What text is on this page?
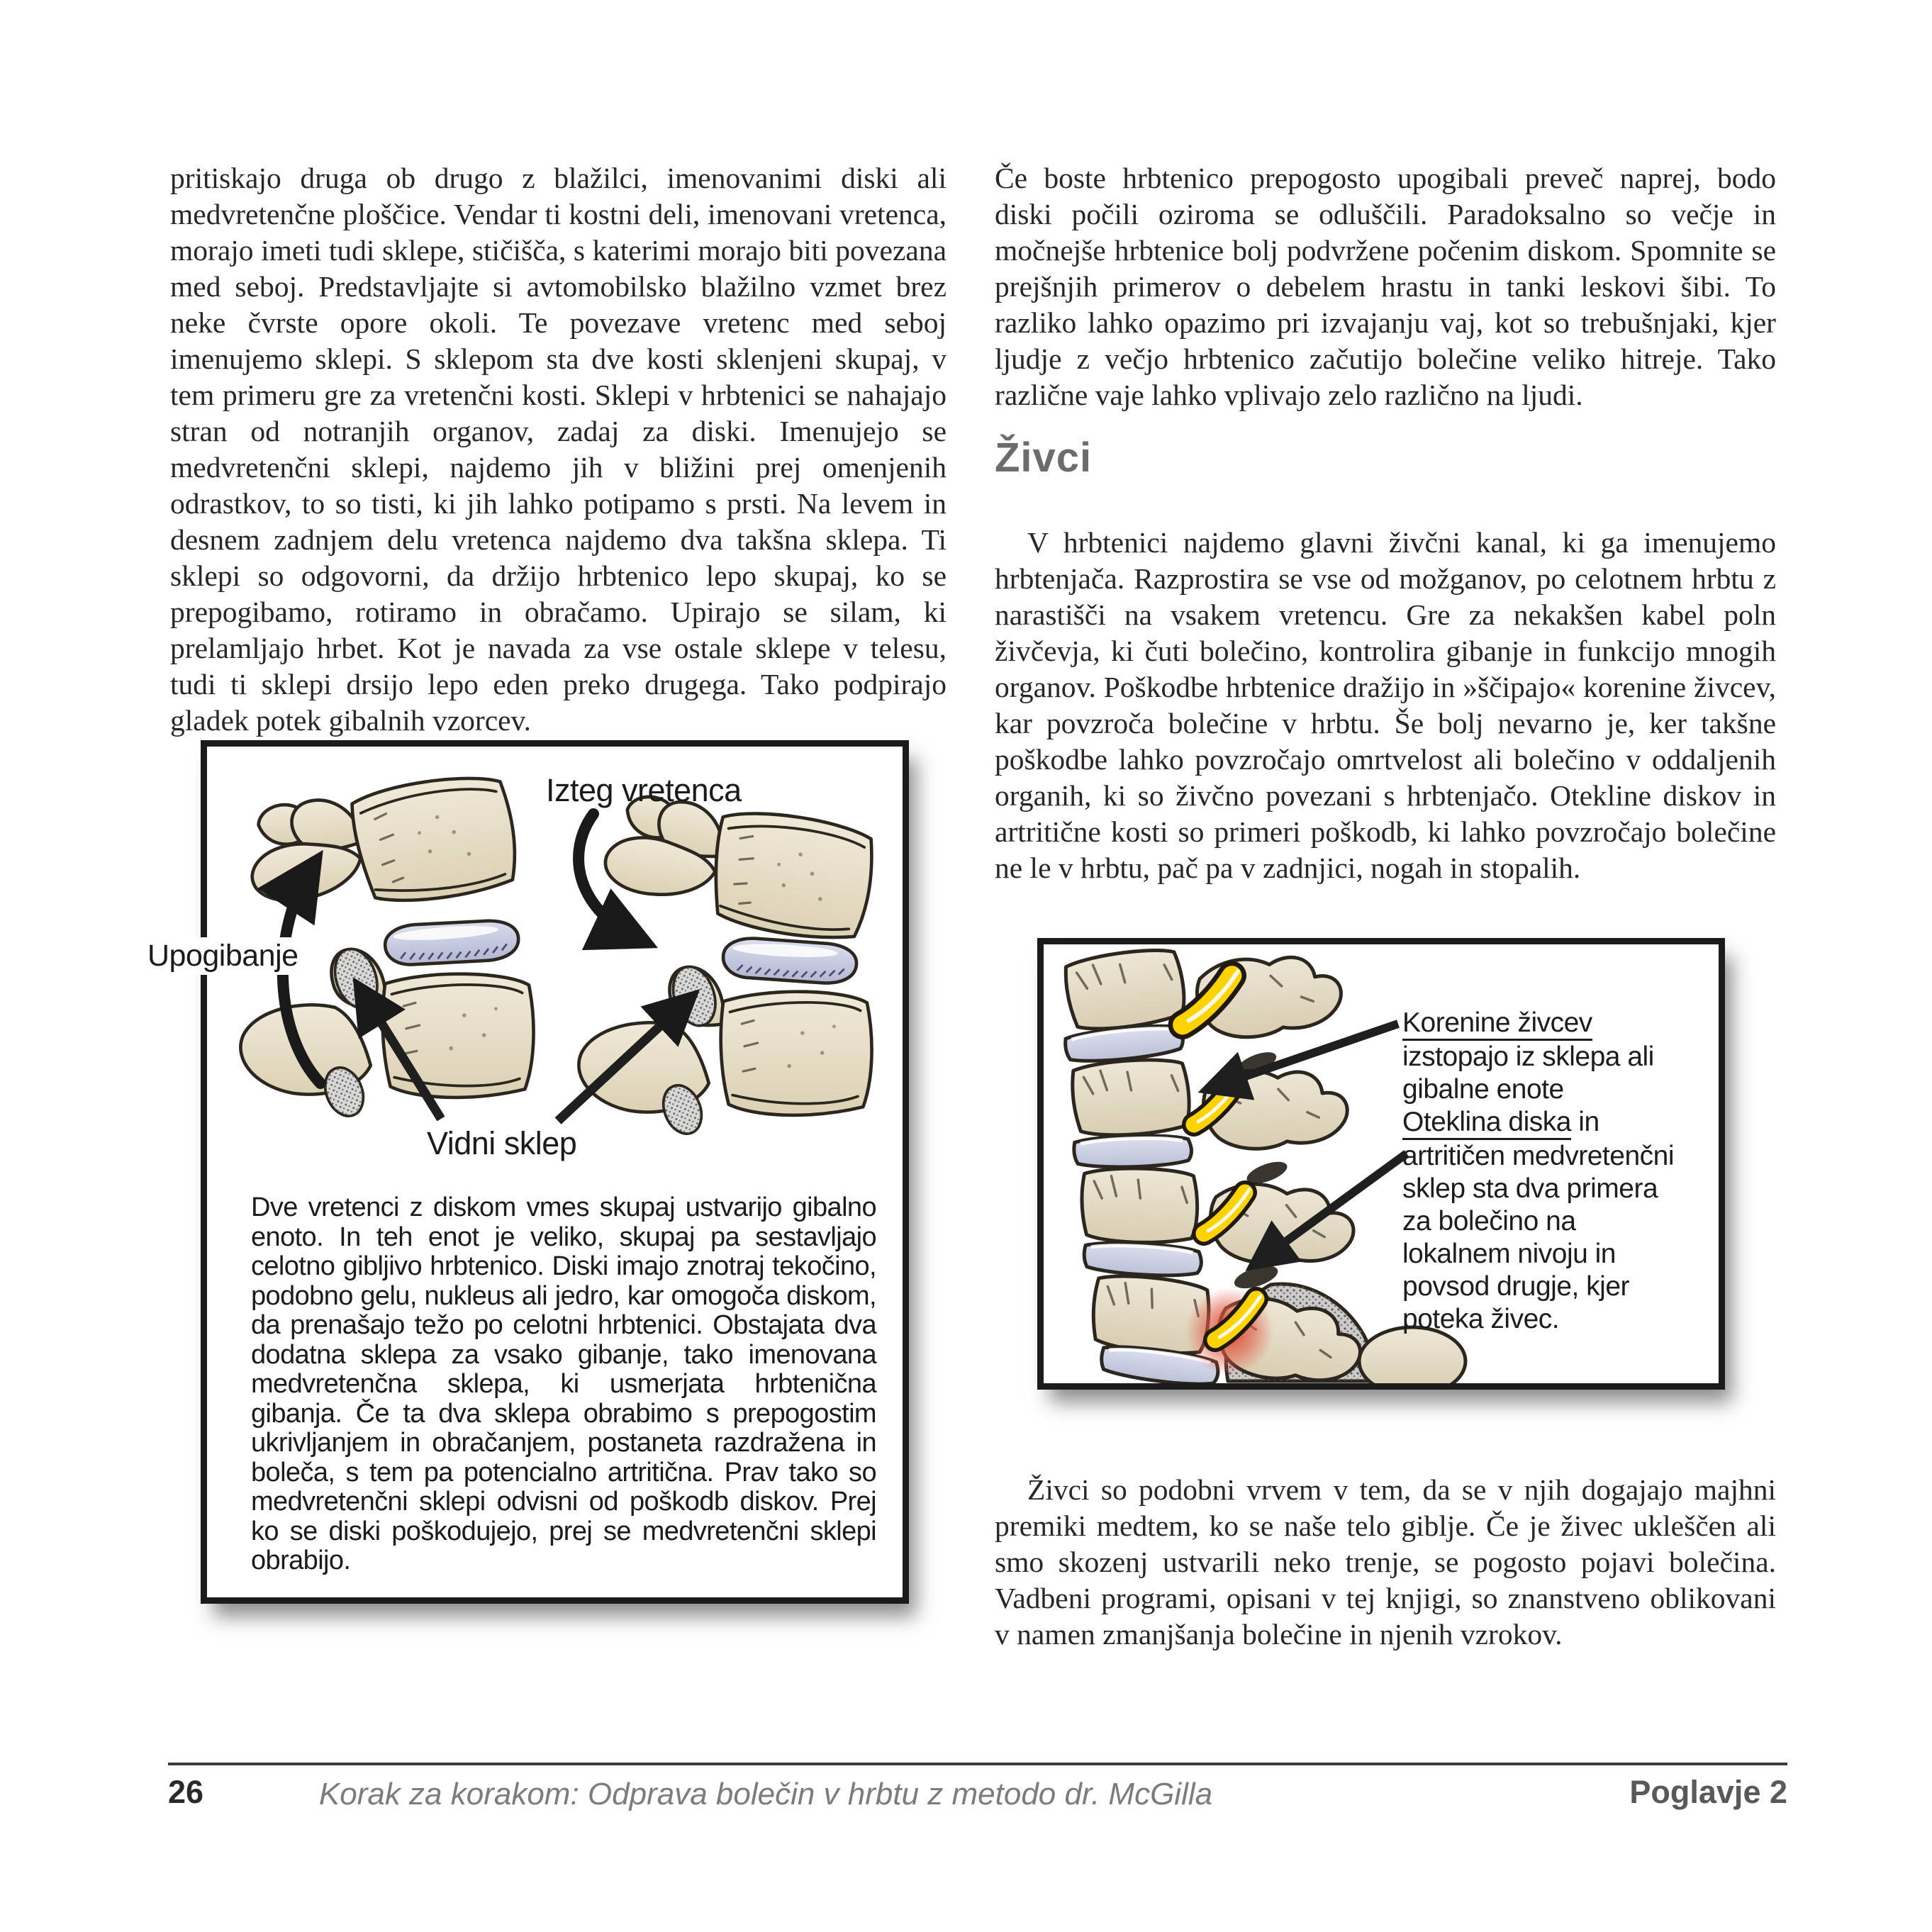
pritiskajo druga ob drugo z blažilci, imenovanimi diski ali medvretenčne ploščice. Vendar ti kostni deli, imenovani vretenca, morajo imeti tudi sklepe, stičišča, s katerimi morajo biti povezana med seboj. Predstavljajte si avtomobilsko blažilno vzmet brez neke čvrste opore okoli. Te povezave vretenc med seboj imenujemo sklepi. S sklepom sta dve kosti sklenjeni skupaj, v tem primeru gre za vretenčni kosti. Sklepi v hrbtenici se nahajajo stran od notranjih organov, zadaj za diski. Imenujejo se medvretenčni sklepi, najdemo jih v bližini prej omenjenih odrastkov, to so tisti, ki jih lahko potipamo s prsti. Na levem in desnem zadnjem delu vretenca najdemo dva takšna sklepa. Ti sklepi so odgovorni, da držijo hrbtenico lepo skupaj, ko se prepogibamo, rotiramo in obračamo. Upirajo se silam, ki prelamljajo hrbet. Kot je navada za vse ostale sklepe v telesu, tudi ti sklepi drsijo lepo eden preko drugega. Tako podpirajo gladek potek gibalnih vzorcev.

Izteg vretenca
Vidni sklep

Dve vretenci z diskom vmes skupaj ustvarijo gibalno enoto. In teh enot je veliko, skupaj pa sestavljajo celotno gibljivo hrbtenico. Diski imajo znotraj tekočino, podobno gelu, nukleus ali jedro, kar omogoča diskom, da prenašajo težo po celotni hrbtenici. Obstajata dva dodatna sklepa za vsako gibanje, tako imenovana medvretenčna sklepa, ki usmerjata hrbtenična gibanja. Če ta dva sklepa obrabimo s prepogostim ukrivljanjem in obračanjem, postaneta razdražena in boleča, s tem pa potencialno artritična. Prav tako so medvretenčni sklepi odvisni od poškodb diskov. Prej ko se diski poškodujejo, prej se medvretenčni sklepi obrabijo.

Upogibanje

Če boste hrbtenico prepogosto upogibali preveč naprej, bodo diski počili oziroma se odluščili. Paradoksalno so večje in močnejše hrbtenice bolj podvržene počenim diskom. Spomnite se prejšnjih primerov o debelem hrastu in tanki leskovi šibi. To razliko lahko opazimo pri izvajanju vaj, kot so trebušnjaki, kjer ljudje z večjo hrbtenico začutijo bolečine veliko hitreje. Tako različne vaje lahko vplivajo zelo različno na ljudi.

Živci

V hrbtenici najdemo glavni živčni kanal, ki ga imenujemo hrbtenjača. Razprostira se vse od možganov, po celotnem hrbtu z narastišči na vsakem vretencu. Gre za nekakšen kabel poln živčevja, ki čuti bolečino, kontrolira gibanje in funkcijo mnogih organov. Poškodbe hrbtenice dražijo in »ščipajo« korenine živcev, kar povzroča bolečine v hrbtu. Še bolj nevarno je, ker takšne poškodbe lahko povzročajo omrtvelost ali bolečino v oddaljenih organih, ki so živčno povezani s hrbtenjačo. Otekline diskov in artritične kosti so primeri poškodb, ki lahko povzročajo bolečine ne le v hrbtu, pač pa v zadnjici, nogah in stopalih.

Korenine živcev
izstopajo iz sklepa ali
gibalne enote
Oteklina diska in
artritičen medvretenčni
sklep sta dva primera
za bolečino na
lokalnem nivoju in
povsod drugje, kjer
poteka živec.

Živci so podobni vrvem v tem, da se v njih dogajajo majhni premiki medtem, ko se naše telo giblje. Če je živec ukleščen ali smo skozenj ustvarili neko trenje, se pogosto pojavi bolečina. Vadbeni programi, opisani v tej knjigi, so znanstveno oblikovani v namen zmanjšanja bolečine in njenih vzrokov.

26	Korak za korakom: Odprava bolečin v hrbtu z metodo dr. McGilla	Poglavje 2
